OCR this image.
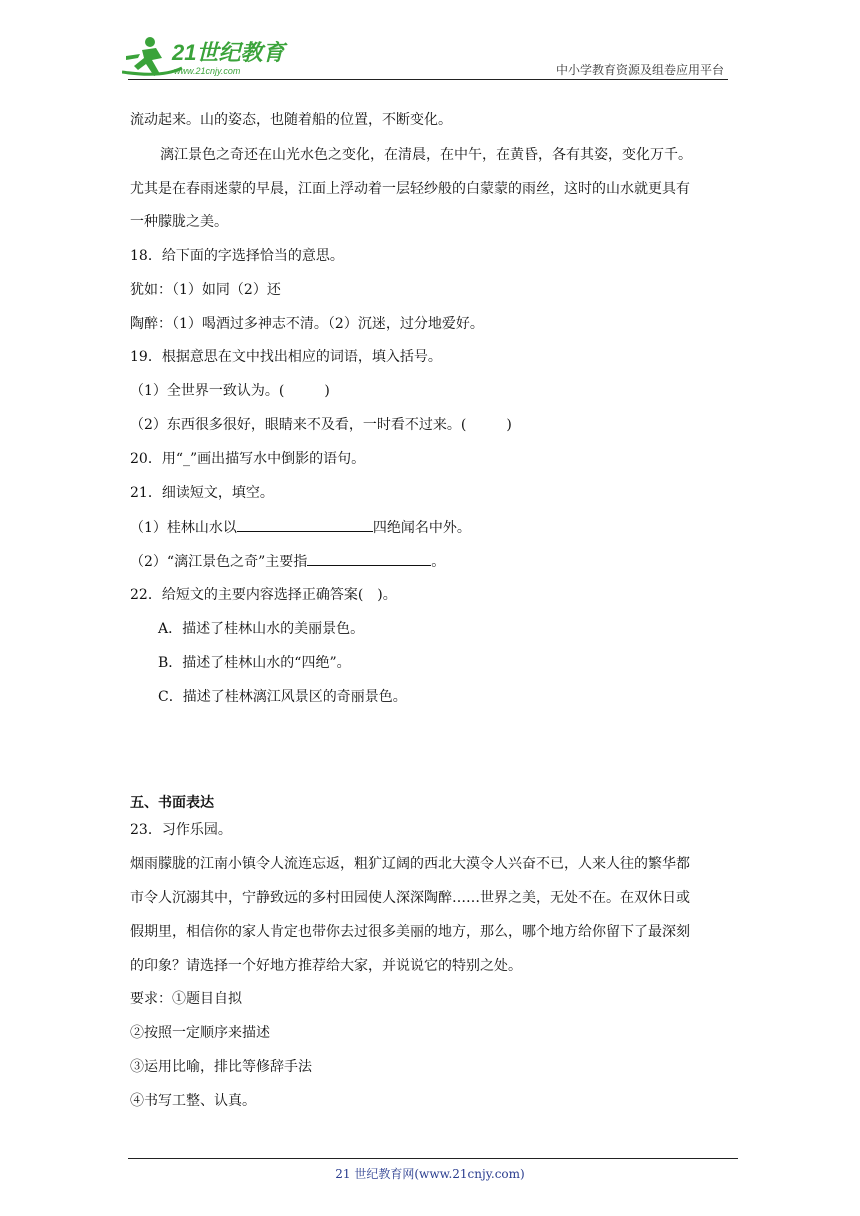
21世纪教育
www.21cnjy.com	中小学教育资源及组卷应用平台
流动起来。山的姿态，也随着船的位置，不断变化。
漓江景色之奇还在山光水色之变化，在清晨，在中午，在黄昏，各有其姿，变化万千。
尤其是在春雨迷蒙的早晨，江面上浮动着一层轻纱般的白蒙蒙的雨丝，这时的山水就更具有
一种朦胧之美。
18．给下面的字选择恰当的意思。
犹如：（1）如同（2）还
陶醉：（1）喝酒过多神志不清。（2）沉迷，过分地爱好。
19．根据意思在文中找出相应的词语，填入括号。
（1）全世界一致认为。(	)
（2）东西很多很好，眼睛来不及看，一时看不过来。(	)
20．用“_”画出描写水中倒影的语句。
21．细读短文，填空。
（1）桂林山水以	四绝闻名中外。
（2）“漓江景色之奇”主要指	。
22．给短文的主要内容选择正确答案(　)。
A．描述了桂林山水的美丽景色。
B．描述了桂林山水的“四绝”。
C．描述了桂林漓江风景区的奇丽景色。
五、书面表达
23．习作乐园。
烟雨朦胧的江南小镇令人流连忘返，粗犷辽阔的西北大漠令人兴奋不已，人来人往的繁华都
市令人沉溺其中，宁静致远的多村田园使人深深陶醉……世界之美，无处不在。在双休日或
假期里，相信你的家人肯定也带你去过很多美丽的地方，那么，哪个地方给你留下了最深刻
的印象？请选择一个好地方推荐给大家，并说说它的特别之处。
要求：①题目自拟
②按照一定顺序来描述
③运用比喻，排比等修辞手法
④书写工整、认真。
21 世纪教育网(www.21cnjy.com)
